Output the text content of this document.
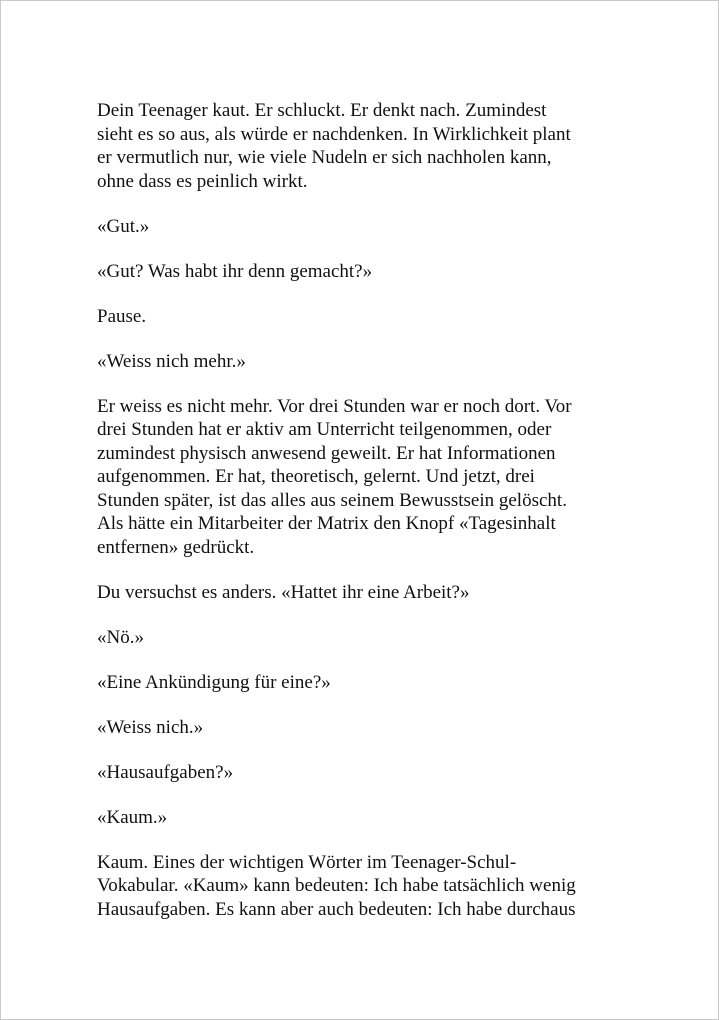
Dein Teenager kaut. Er schluckt. Er denkt nach. Zumindest
sieht es so aus, als würde er nachdenken. In Wirklichkeit plant
er vermutlich nur, wie viele Nudeln er sich nachholen kann,
ohne dass es peinlich wirkt.

«Gut.»

«Gut? Was habt ihr denn gemacht?»

Pause.

«Weiss nich mehr.»

Er weiss es nicht mehr. Vor drei Stunden war er noch dort. Vor
drei Stunden hat er aktiv am Unterricht teilgenommen, oder
zumindest physisch anwesend geweilt. Er hat Informationen
aufgenommen. Er hat, theoretisch, gelernt. Und jetzt, drei
Stunden später, ist das alles aus seinem Bewusstsein gelöscht.
Als hätte ein Mitarbeiter der Matrix den Knopf «Tagesinhalt
entfernen» gedrückt.

Du versuchst es anders. «Hattet ihr eine Arbeit?»

«Nö.»

«Eine Ankündigung für eine?»

«Weiss nich.»

«Hausaufgaben?»

«Kaum.»

Kaum. Eines der wichtigen Wörter im Teenager-Schul-
Vokabular. «Kaum» kann bedeuten: Ich habe tatsächlich wenig
Hausaufgaben. Es kann aber auch bedeuten: Ich habe durchaus
